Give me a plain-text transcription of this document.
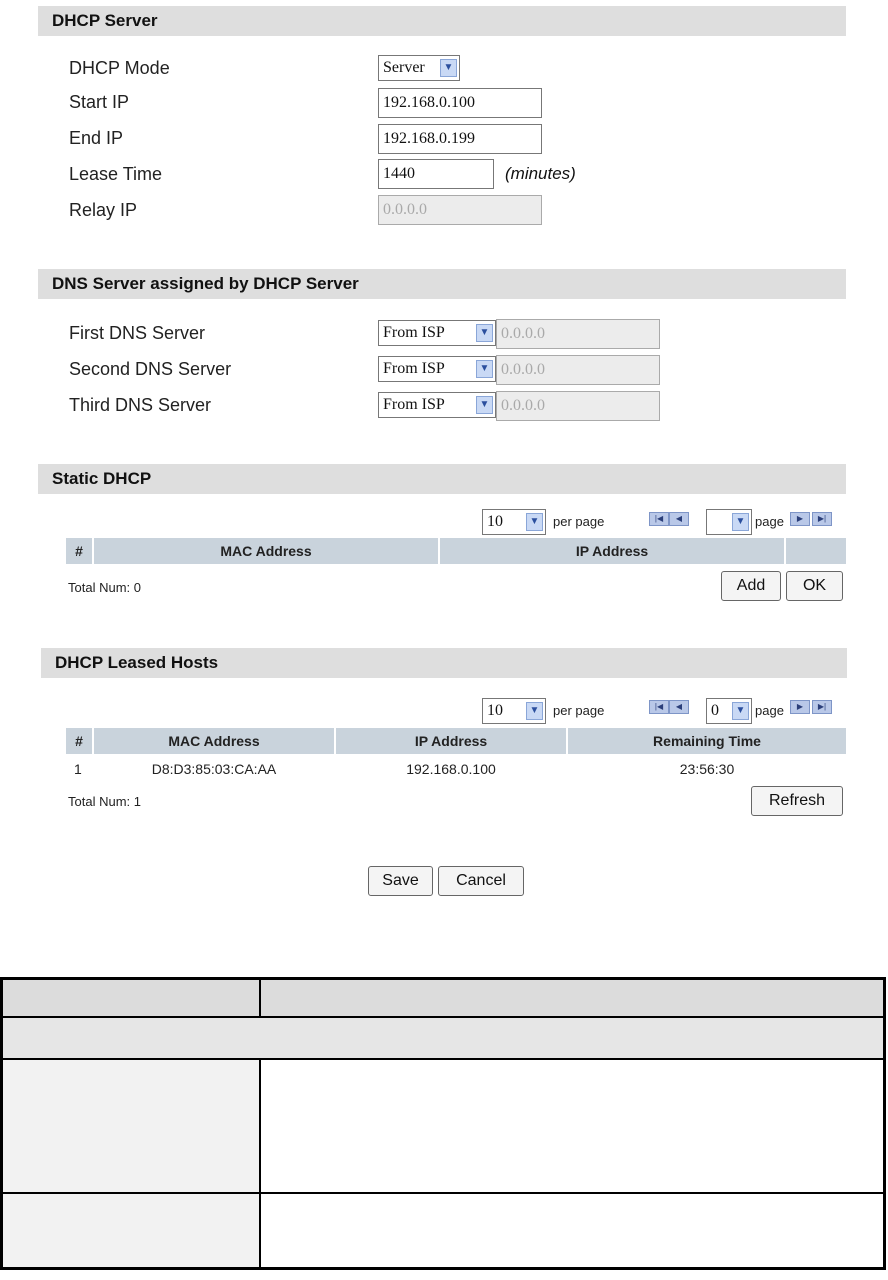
DHCP Server
DHCP Mode	Server	▼
Start IP	192.168.0.100
End IP	192.168.0.199
Lease Time	1440	(minutes)
Relay IP	0.0.0.0
DNS Server assigned by DHCP Server
First DNS Server	From ISP	▼ 0.0.0.0
Second DNS Server	From ISP	▼ 0.0.0.0
Third DNS Server	From ISP	▼ 0.0.0.0
Static DHCP
10	▼ per page	|◀	◀	▼ page	▶	▶|
#	MAC Address	IP Address
Total Num: 0	Add	OK
DHCP Leased Hosts
10	▼ per page	|◀	◀	0	▼ page	▶	▶|
#	MAC Address	IP Address	Remaining Time
1	D8:D3:85:03:CA:AA	192.168.0.100	23:56:30
Total Num: 1	Refresh
Save	Cancel
